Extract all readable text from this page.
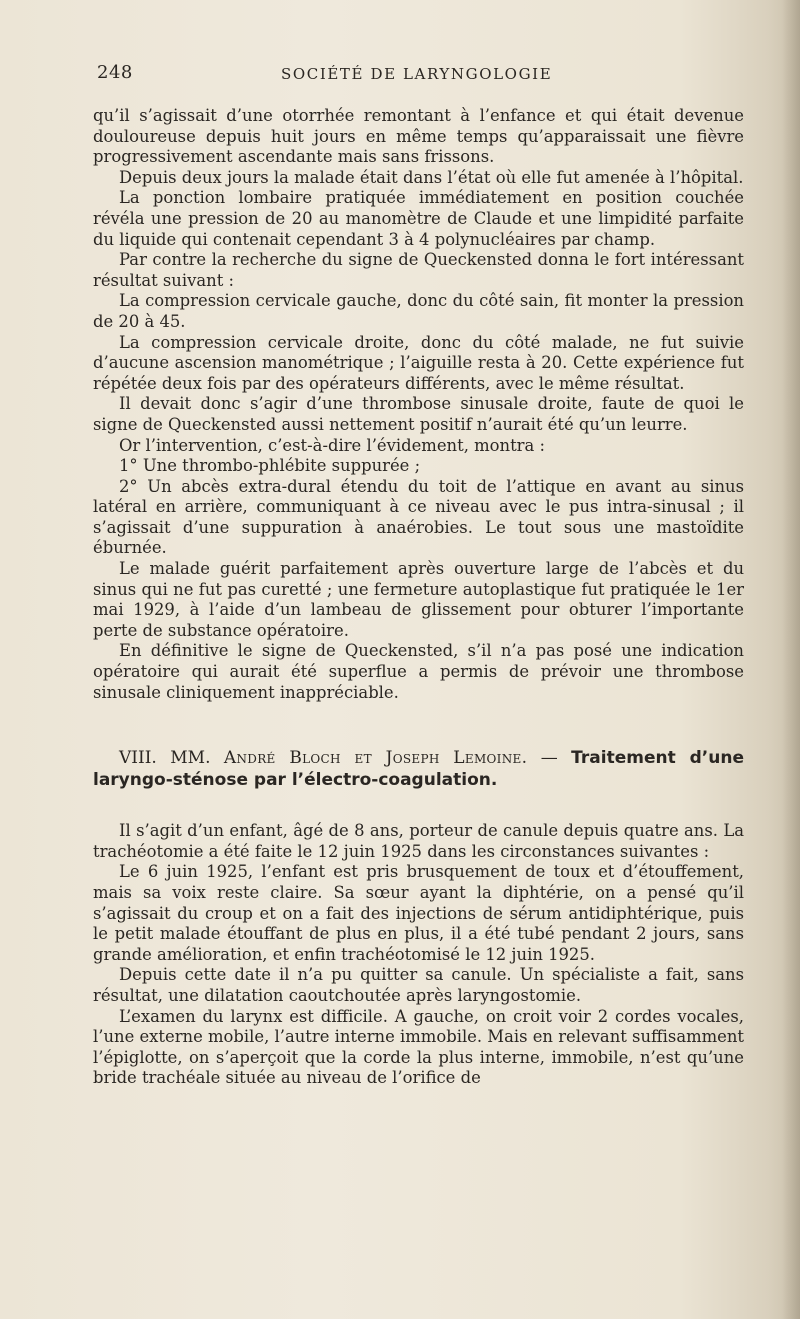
248	SOCIÉTÉ DE LARYNGOLOGIE

qu’il s’agissait d’une otorrhée remontant à l’enfance et qui était devenue douloureuse depuis huit jours en même temps qu’apparaissait une fièvre progressivement ascendante mais sans frissons.

Depuis deux jours la malade était dans l’état où elle fut amenée à l’hôpital.

La ponction lombaire pratiquée immédiatement en position couchée révéla une pression de 20 au manomètre de Claude et une limpidité parfaite du liquide qui contenait cependant 3 à 4 polynucléaires par champ.

Par contre la recherche du signe de Queckensted donna le fort intéressant résultat suivant :

La compression cervicale gauche, donc du côté sain, fit monter la pression de 20 à 45.

La compression cervicale droite, donc du côté malade, ne fut suivie d’aucune ascension manométrique ; l’aiguille resta à 20. Cette expérience fut répétée deux fois par des opérateurs différents, avec le même résultat.

Il devait donc s’agir d’une thrombose sinusale droite, faute de quoi le signe de Queckensted aussi nettement positif n’aurait été qu’un leurre.

Or l’intervention, c’est-à-dire l’évidement, montra :

1° Une thrombo-phlébite suppurée ;

2° Un abcès extra-dural étendu du toit de l’attique en avant au sinus latéral en arrière, communiquant à ce niveau avec le pus intra-sinusal ; il s’agissait d’une suppuration à anaérobies. Le tout sous une mastoïdite éburnée.

Le malade guérit parfaitement après ouverture large de l’abcès et du sinus qui ne fut pas curetté ; une fermeture autoplastique fut pratiquée le 1er mai 1929, à l’aide d’un lambeau de glissement pour obturer l’importante perte de substance opératoire.

En définitive le signe de Queckensted, s’il n’a pas posé une indication opératoire qui aurait été superflue a permis de prévoir une thrombose sinusale cliniquement inappréciable.

VIII. MM. André Bloch et Joseph Lemoine. — Traitement d’une laryngo-sténose par l’électro-coagulation.

Il s’agit d’un enfant, âgé de 8 ans, porteur de canule depuis quatre ans. La trachéotomie a été faite le 12 juin 1925 dans les circonstances suivantes :

Le 6 juin 1925, l’enfant est pris brusquement de toux et d’étouffement, mais sa voix reste claire. Sa sœur ayant la diphtérie, on a pensé qu’il s’agissait du croup et on a fait des injections de sérum antidiphtérique, puis le petit malade étouffant de plus en plus, il a été tubé pendant 2 jours, sans grande amélioration, et enfin trachéotomisé le 12 juin 1925.

Depuis cette date il n’a pu quitter sa canule. Un spécialiste a fait, sans résultat, une dilatation caoutchoutée après laryngostomie.

L’examen du larynx est difficile. A gauche, on croit voir 2 cordes vocales, l’une externe mobile, l’autre interne immobile. Mais en relevant suffisamment l’épiglotte, on s’aperçoit que la corde la plus interne, immobile, n’est qu’une bride trachéale située au niveau de l’orifice de
